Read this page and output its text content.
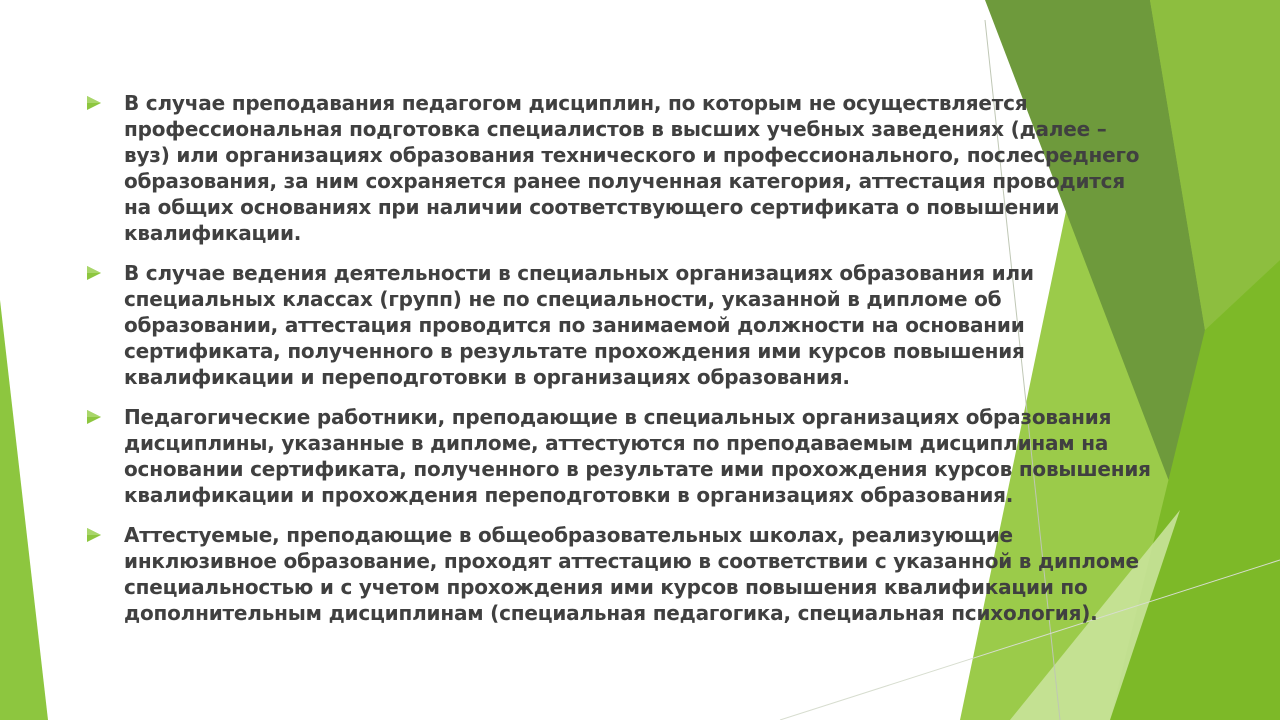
В случае преподавания педагогом дисциплин, по которым не осуществляется профессиональная подготовка специалистов в высших учебных заведениях (далее – вуз) или организациях образования технического и профессионального, послесреднего образования, за ним сохраняется ранее полученная категория, аттестация проводится на общих основаниях при наличии соответствующего сертификата о повышении квалификации.
В случае ведения деятельности в специальных организациях образования или специальных классах (групп) не по специальности, указанной в дипломе об образовании, аттестация проводится по занимаемой должности на основании сертификата, полученного в результате прохождения ими курсов повышения квалификации и переподготовки в организациях образования.
Педагогические работники, преподающие в специальных организациях образования дисциплины, указанные в дипломе, аттестуются по преподаваемым дисциплинам на основании сертификата, полученного в результате ими прохождения курсов повышения квалификации и прохождения переподготовки в организациях образования.
Аттестуемые, преподающие в общеобразовательных школах, реализующие инклюзивное образование, проходят аттестацию в соответствии с указанной в дипломе специальностью и с учетом прохождения ими курсов повышения квалификации по дополнительным дисциплинам (специальная педагогика, специальная психология).
